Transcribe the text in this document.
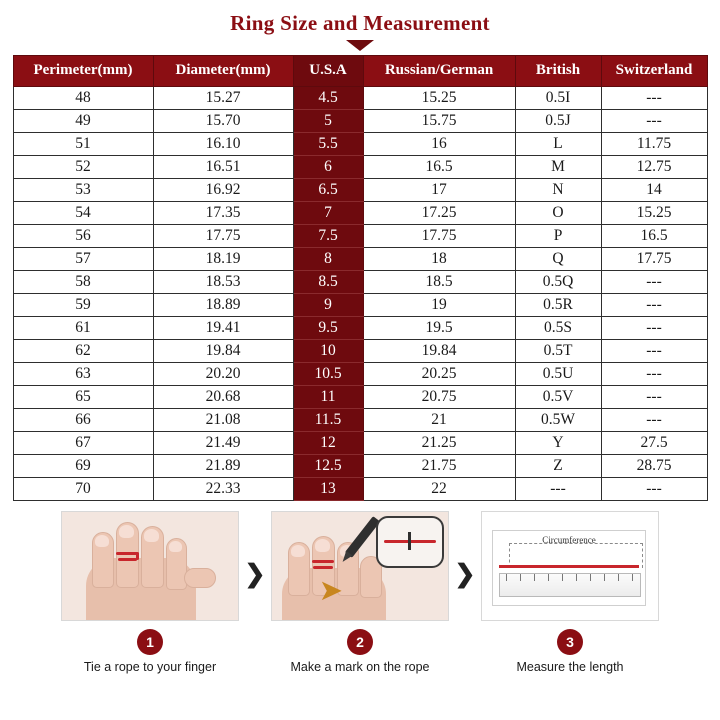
Ring Size and Measurement
Perimeter(mm)	Diameter(mm)	U.S.A	Russian/German	British	Switzerland
48	15.27	4.5	15.25	0.5I	---
49	15.70	5	15.75	0.5J	---
51	16.10	5.5	16	L	11.75
52	16.51	6	16.5	M	12.75
53	16.92	6.5	17	N	14
54	17.35	7	17.25	O	15.25
56	17.75	7.5	17.75	P	16.5
57	18.19	8	18	Q	17.75
58	18.53	8.5	18.5	0.5Q	---
59	18.89	9	19	0.5R	---
61	19.41	9.5	19.5	0.5S	---
62	19.84	10	19.84	0.5T	---
63	20.20	10.5	20.25	0.5U	---
65	20.68	11	20.75	0.5V	---
66	21.08	11.5	21	0.5W	---
67	21.49	12	21.25	Y	27.5
69	21.89	12.5	21.75	Z	28.75
70	22.33	13	22	---	---
1
Tie a rope to your finger
❯
➤
2
Make a mark on the rope
❯
Circumference
3
Measure the length
